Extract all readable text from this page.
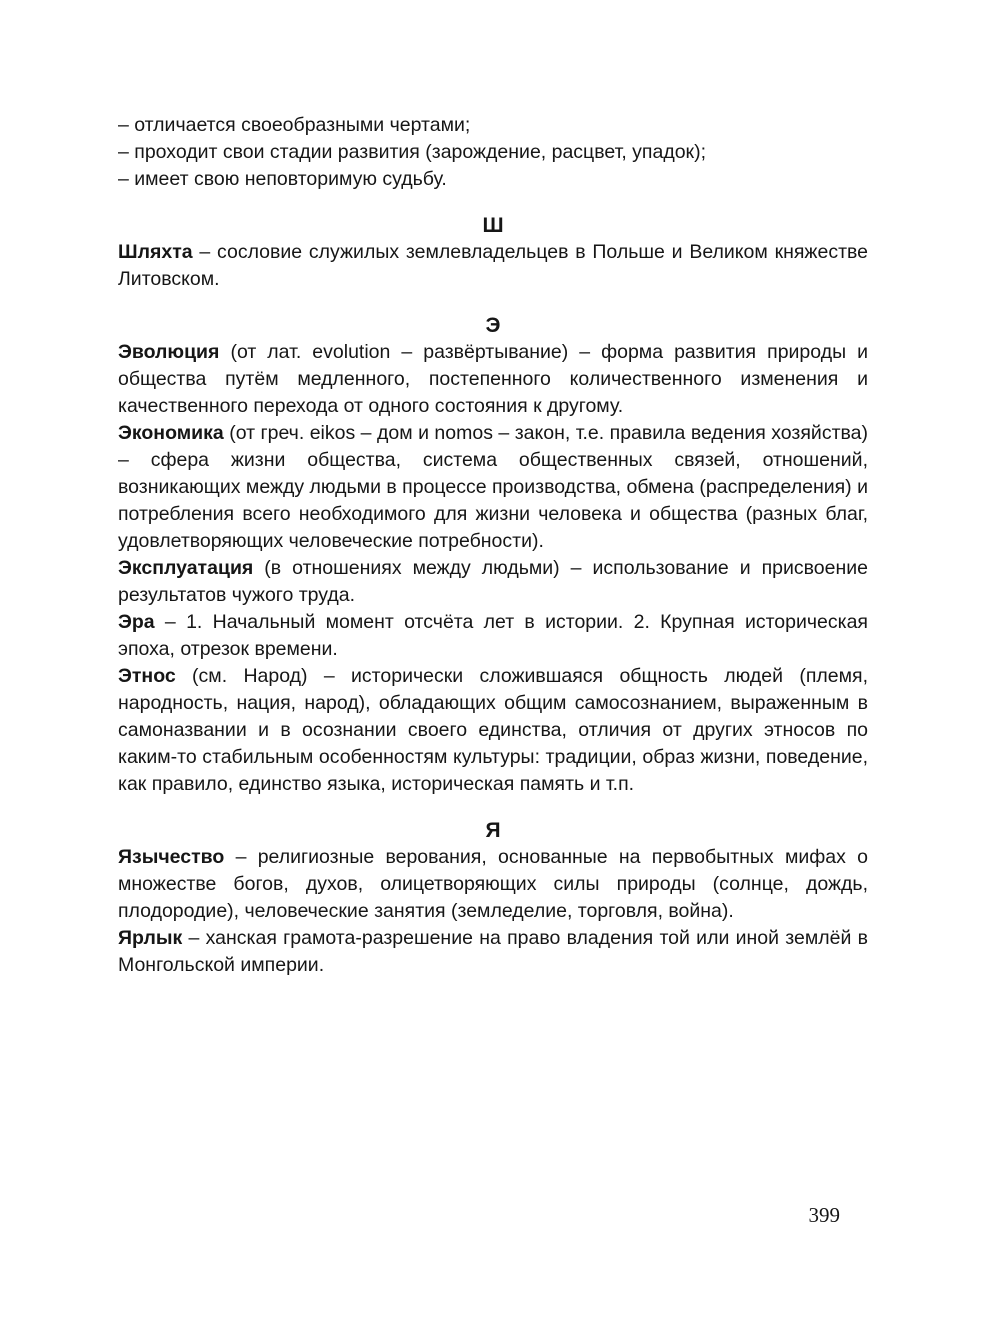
– отличается своеобразными чертами;

– проходит свои стадии развития (зарождение, расцвет, упадок);

– имеет свою неповторимую судьбу.

Ш

Шляхта – сословие служилых землевладельцев в Польше и Великом княжестве Литовском.

Э

Эволюция (от лат. evolution – развёртывание) – форма развития природы и общества путём медленного, постепенного количественного изменения и качественного перехода от одного состояния к другому.

Экономика (от греч. eikos – дом и nomos – закон, т.е. правила ведения хозяйства) – сфера жизни общества, система общественных связей, отношений, возникающих между людьми в процессе производства, обмена (распределения) и потребления всего необходимого для жизни человека и общества (разных благ, удовлетворяющих человеческие потребности).

Эксплуатация (в отношениях между людьми) – использование и присвоение результатов чужого труда.

Эра – 1. Начальный момент отсчёта лет в истории. 2. Крупная историческая эпоха, отрезок времени.

Этнос (см. Народ) – исторически сложившаяся общность людей (племя, народность, нация, народ), обладающих общим самосознанием, выраженным в самоназвании и в осознании своего единства, отличия от других этносов по каким-то стабильным особенностям культуры: традиции, образ жизни, поведение, как правило, единство языка, историческая память и т.п.

Я

Язычество – религиозные верования, основанные на первобытных мифах о множестве богов, духов, олицетворяющих силы природы (солнце, дождь, плодородие), человеческие занятия (земледелие, торговля, война).

Ярлык – ханская грамота-разрешение на право владения той или иной землёй в Монгольской империи.

399
